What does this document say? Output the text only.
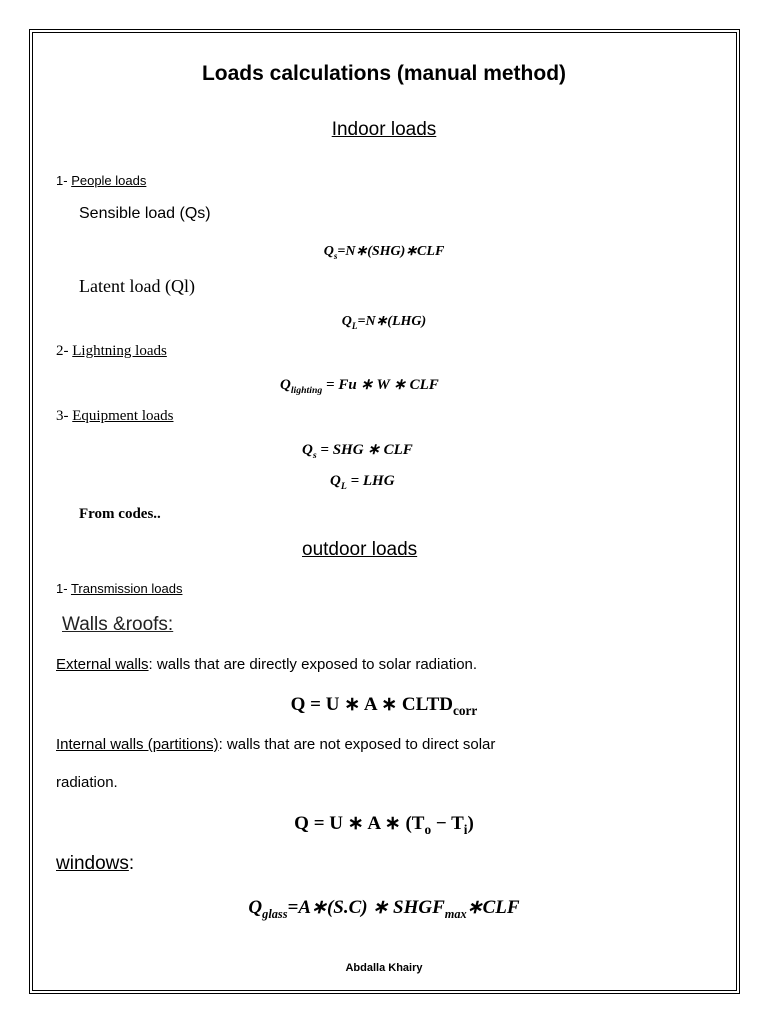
Loads calculations (manual method)
Indoor loads
1- People loads
Sensible load (Qs)
$Q_s=N∗(SHG)∗CLF$
Latent load (Ql)
$Q_L=N∗(LHG)$
2- Lightning loads
$Q_{lighting} = Fu$ ∗ W ∗ CLF
3- Equipment loads
$Q_s$ = SHG ∗ CLF
$Q_L$ = LHG
From codes..
outdoor loads
1- Transmission loads
Walls &roofs:
External walls: walls that are directly exposed to solar radiation.
Q = U ∗ A ∗ $CLTD_{corr}$
Internal walls (partitions): walls that are not exposed to direct solar
radiation.
Q = U ∗ A ∗ $(T_o - T_i)$
windows:
$Q_{glass}=A∗(S.C)$ ∗ $SHGF_{max}∗CLF$
Abdalla Khairy
